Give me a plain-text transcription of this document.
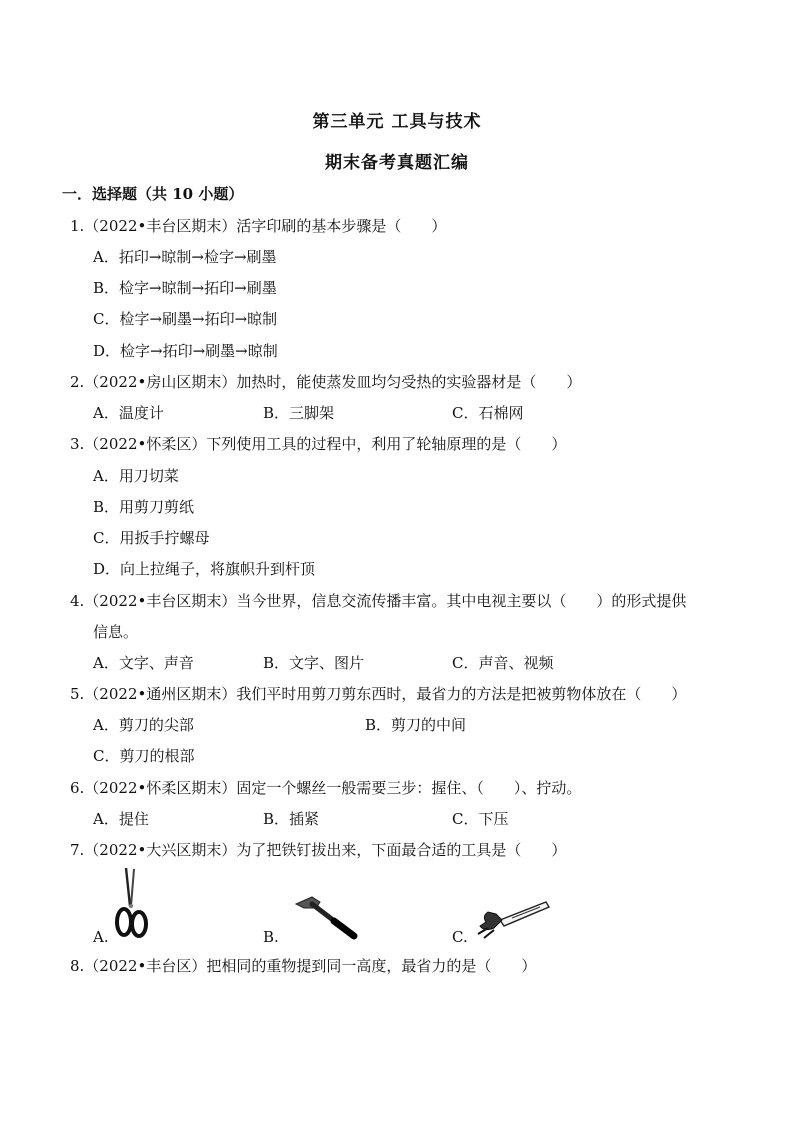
第三单元 工具与技术
期末备考真题汇编
一．选择题（共 10 小题）
1.（2022•丰台区期末）活字印刷的基本步骤是（　　）
A．拓印→晾制→检字→刷墨
B．检字→晾制→拓印→刷墨
C．检字→刷墨→拓印→晾制
D．检字→拓印→刷墨→晾制
2.（2022•房山区期末）加热时，能使蒸发皿均匀受热的实验器材是（　　）
A．温度计	B．三脚架	C．石棉网
3.（2022•怀柔区）下列使用工具的过程中，利用了轮轴原理的是（　　）
A．用刀切菜
B．用剪刀剪纸
C．用扳手拧螺母
D．向上拉绳子，将旗帜升到杆顶
4.（2022•丰台区期末）当今世界，信息交流传播丰富。其中电视主要以（　　）的形式提供
信息。
A．文字、声音	B．文字、图片	C．声音、视频
5.（2022•通州区期末）我们平时用剪刀剪东西时，最省力的方法是把被剪物体放在（　　）
A．剪刀的尖部	B．剪刀的中间
C．剪刀的根部
6.（2022•怀柔区期末）固定一个螺丝一般需要三步：握住、（　　）、拧动。
A．提住	B．插紧	C．下压
7.（2022•大兴区期末）为了把铁钉拔出来，下面最合适的工具是（　　）
A.	B.	C.
8.（2022•丰台区）把相同的重物提到同一高度，最省力的是（　　）
